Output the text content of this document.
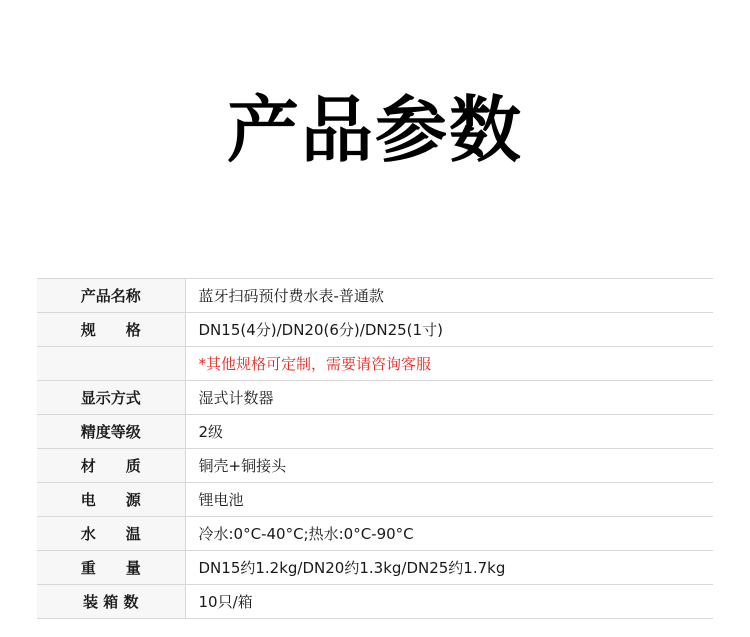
产品参数
产品名称	蓝牙扫码预付费水表-普通款
规　　格	DN15(4分)/DN20(6分)/DN25(1寸)
	*其他规格可定制，需要请咨询客服
显示方式	湿式计数器
精度等级	2级
材　　质	铜壳+铜接头
电　　源	锂电池
水　　温	冷水:0°C-40°C;热水:0°C-90°C
重　　量	DN15约1.2kg/DN20约1.3kg/DN25约1.7kg
装 箱 数	10只/箱
